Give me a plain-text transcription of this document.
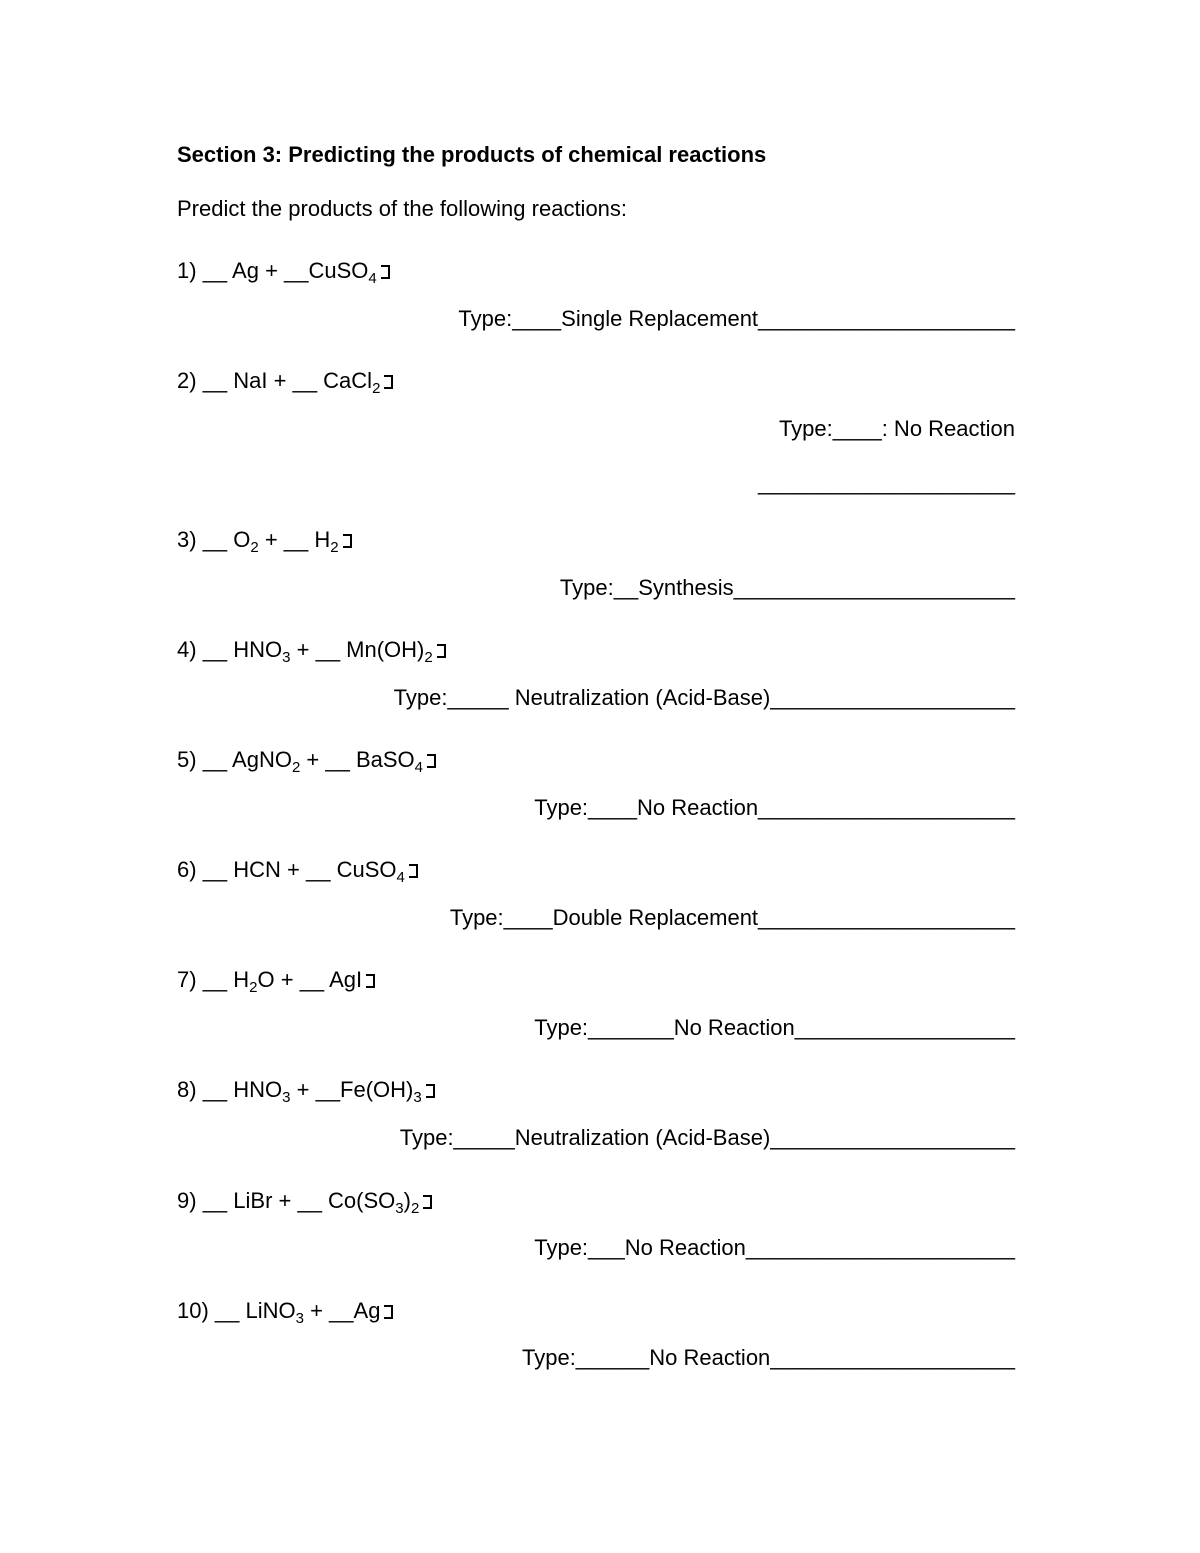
Section 3: Predicting the products of chemical reactions
Predict the products of the following reactions:
1) __ Ag + __CuSO$_4$
Type:____Single Replacement_____________________
2) __ NaI + __ CaCl$_2$
Type:____: No Reaction
_____________________
3) __ $O_2$ + __ $H_2$
Type:__Synthesis_______________________
4) __ $HNO_3$ + __ $Mn(OH)_2$
Type:_____ Neutralization (Acid-Base)____________________
5) __ AgNO$_2$ + __ BaSO$_4$
Type:____No Reaction_____________________
6) __ HCN + __ CuSO$_4$
Type:____Double Replacement_____________________
7) __ $H_2O$ + __ AgI
Type:_______No Reaction__________________
8) __ $HNO_3$ + $\_\_Fe(OH)_3$
Type:_____Neutralization (Acid-Base)____________________
9) __ LiBr + __ $Co(SO_3)_2$
Type:___No Reaction______________________
10) __ LiNO$_3$ + __Ag
Type:______No Reaction____________________
